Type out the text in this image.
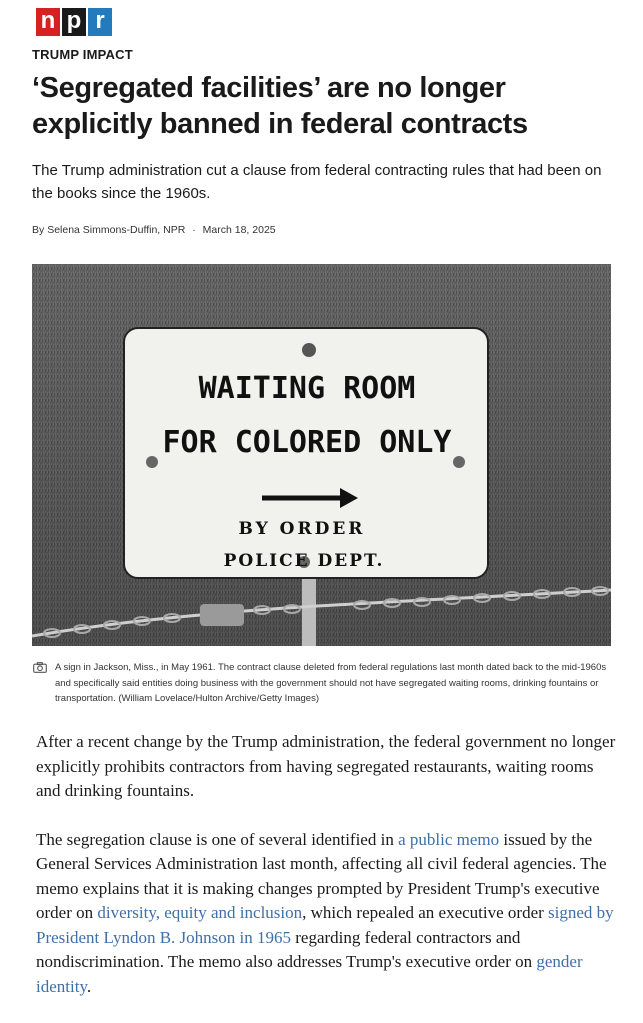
n p r
TRUMP IMPACT
‘Segregated facilities’ are no longer explicitly banned in federal contracts

The Trump administration cut a clause from federal contracting rules that had been on the books since the 1960s.

By Selena Simmons-Duffin, NPR · March 18, 2025
WAITING ROOM
FOR COLORED ONLY
BY ORDER
POLICE DEPT.

A sign in Jackson, Miss., in May 1961. The contract clause deleted from federal regulations last month dated back to the mid-1960s and specifically said entities doing business with the government should not have segregated waiting rooms, drinking fountains or transportation. (William Lovelace/Hulton Archive/Getty Images)

After a recent change by the Trump administration, the federal government no longer explicitly prohibits contractors from having segregated restaurants, waiting rooms and drinking fountains.

The segregation clause is one of several identified in a public memo issued by the General Services Administration last month, affecting all civil federal agencies. The memo explains that it is making changes prompted by President Trump's executive order on diversity, equity and inclusion, which repealed an executive order signed by President Lyndon B. Johnson in 1965 regarding federal contractors and nondiscrimination. The memo also addresses Trump's executive order on gender identity.
